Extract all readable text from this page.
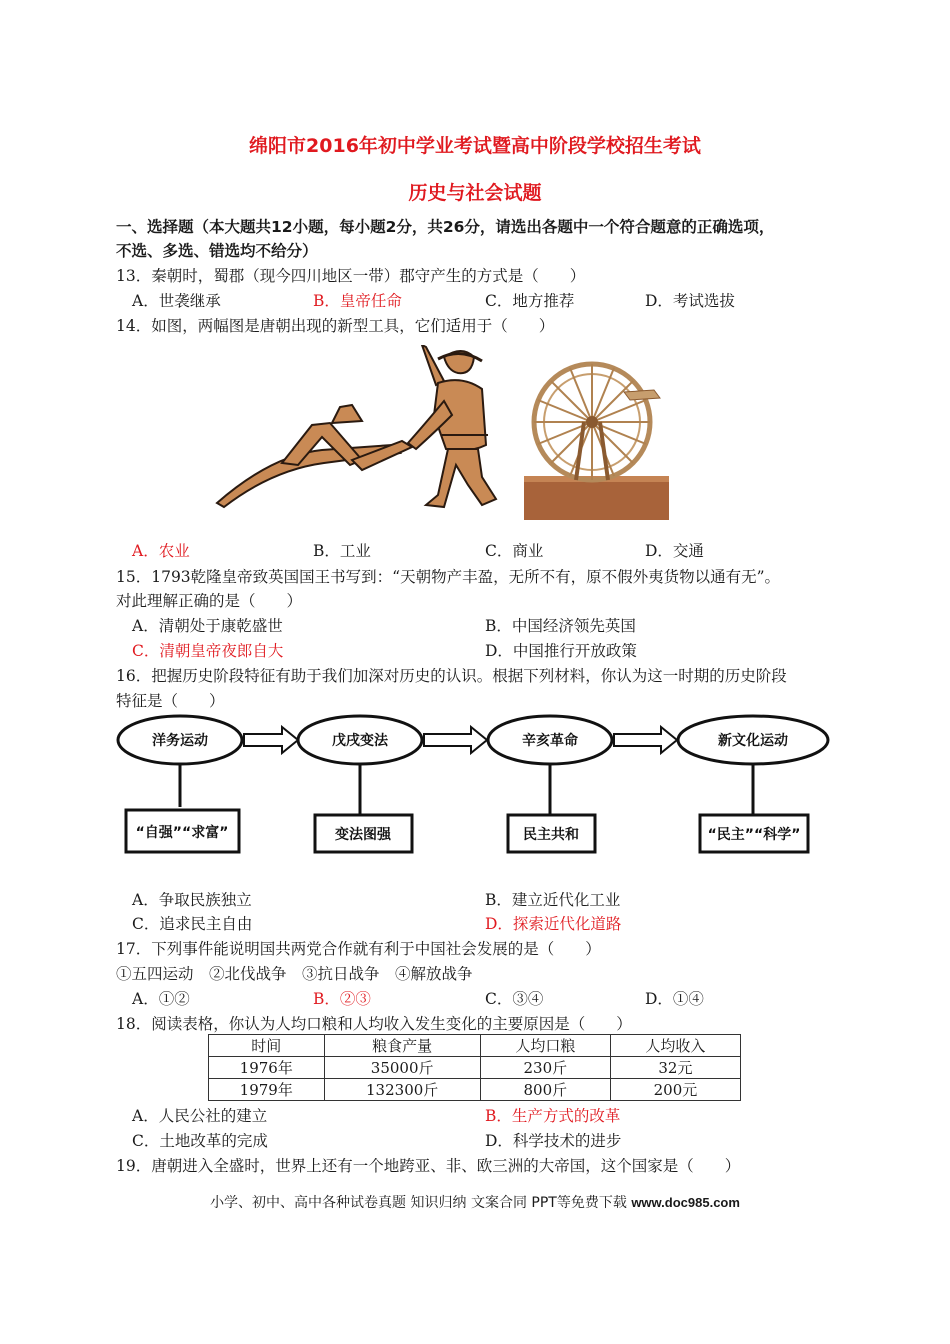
绵阳市2016年初中学业考试暨高中阶段学校招生考试
历史与社会试题
一、选择题（本大题共12小题，每小题2分，共26分，请选出各题中一个符合题意的正确选项，
不选、多选、错选均不给分）
13．秦朝时，蜀郡（现今四川地区一带）郡守产生的方式是（　　）
A．世袭继承	B．皇帝任命	C．地方推荐	D．考试选拔
14．如图，两幅图是唐朝出现的新型工具，它们适用于（　　）
A．农业	B．工业	C．商业	D．交通
15．1793乾隆皇帝致英国国王书写到：“天朝物产丰盈，无所不有，原不假外夷货物以通有无”。
对此理解正确的是（　　）
A．清朝处于康乾盛世	B．中国经济领先英国
C．清朝皇帝夜郎自大	D．中国推行开放政策
16．把握历史阶段特征有助于我们加深对历史的认识。根据下列材料，你认为这一时期的历史阶段
特征是（　　）
洋务运动	戊戌变法	辛亥革命	新文化运动
“自强”“求富”	变法图强	民主共和	“民主”“科学”
A．争取民族独立	B．建立近代化工业
C．追求民主自由	D．探索近代化道路
17．下列事件能说明国共两党合作就有利于中国社会发展的是（　　）
①五四运动　②北伐战争　③抗日战争　④解放战争
A．①②	B．②③	C．③④	D．①④
18．阅读表格，你认为人均口粮和人均收入发生变化的主要原因是（　　）
时间	粮食产量	人均口粮	人均收入
1976年	35000斤	230斤	32元
1979年	132300斤	800斤	200元
A．人民公社的建立	B．生产方式的改革
C．土地改革的完成	D．科学技术的进步
19．唐朝进入全盛时，世界上还有一个地跨亚、非、欧三洲的大帝国，这个国家是（　　）
小学、初中、高中各种试卷真题 知识归纳 文案合同 PPT等免费下载 www.doc985.com
